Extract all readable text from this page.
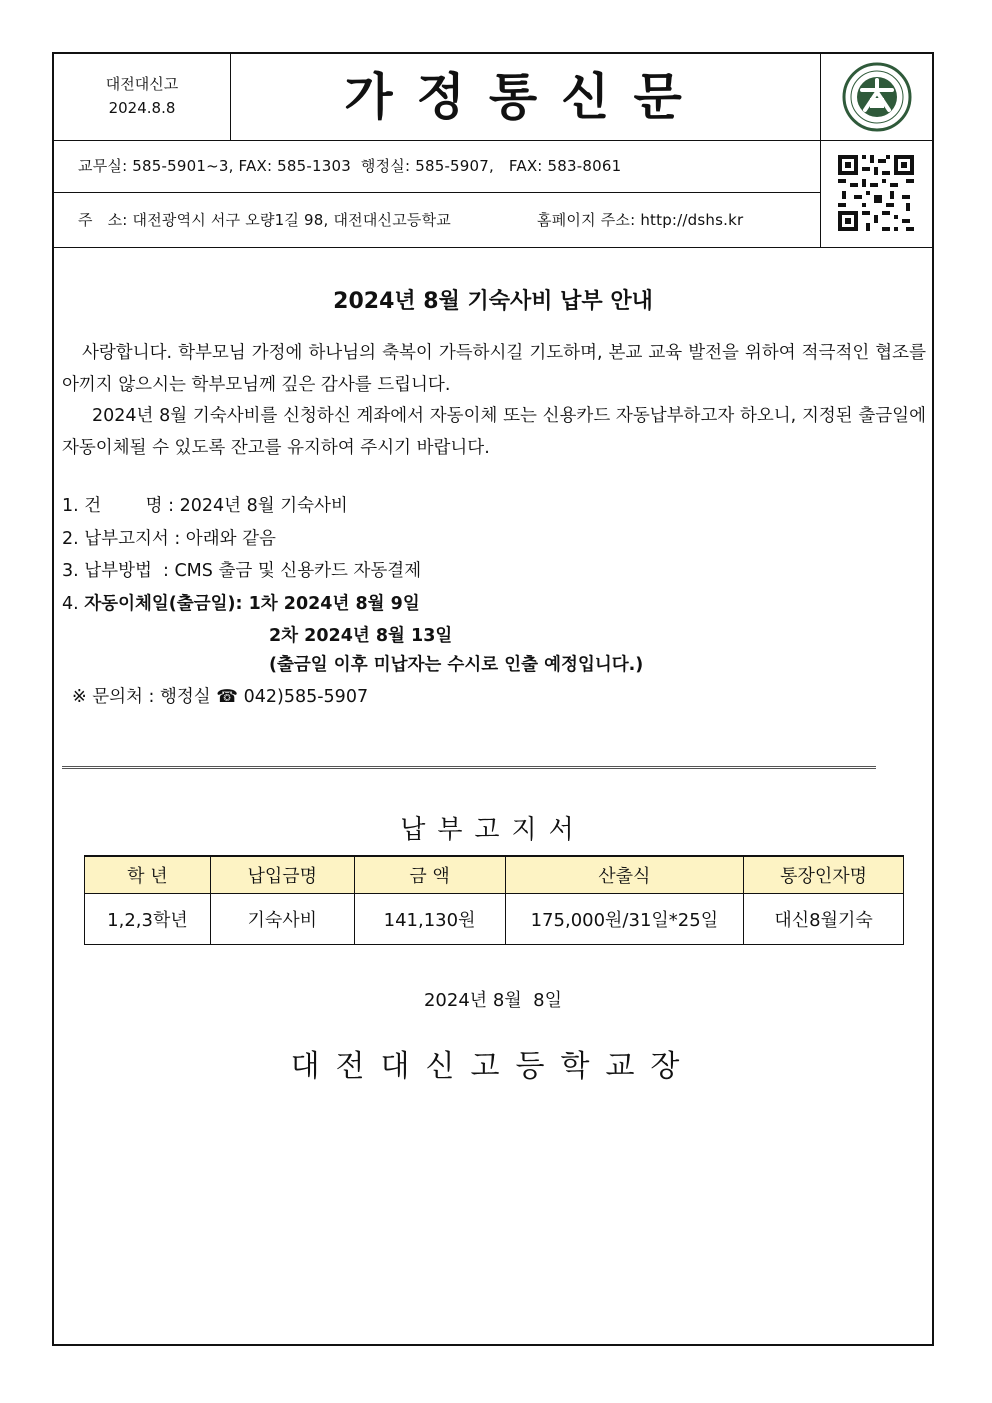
대전대신고
2024.8.8	가정통신문
교무실: 585-5901~3, FAX: 585-1303  행정실: 585-5907,   FAX: 583-8061
주   소: 대전광역시 서구 오량1길 98, 대전대신고등학교	홈페이지 주소: http://dshs.kr
2024년 8월 기숙사비 납부 안내
사랑합니다. 학부모님 가정에 하나님의 축복이 가득하시길 기도하며, 본교 교육 발전을 위하여 적극적인 협조를 아끼지 않으시는 학부모님께 깊은 감사를 드립니다.
2024년 8월 기숙사비를 신청하신 계좌에서 자동이체 또는 신용카드 자동납부하고자 하오니, 지정된 출금일에 자동이체될 수 있도록 잔고를 유지하여 주시기 바랍니다.
1. 건        명 : 2024년 8월 기숙사비
2. 납부고지서 : 아래와 같음
3. 납부방법  : CMS 출금 및 신용카드 자동결제
4. 자동이체일(출금일): 1차 2024년 8월 9일
2차 2024년 8월 13일
(출금일 이후 미납자는 수시로 인출 예정입니다.)
※ 문의처 : 행정실 ☎ 042)585-5907
납부고지서
학 년	납입금명	금 액	산출식	통장인자명
1,2,3학년	기숙사비	141,130원	175,000원/31일*25일	대신8월기숙
2024년 8월  8일
대전대신고등학교장
